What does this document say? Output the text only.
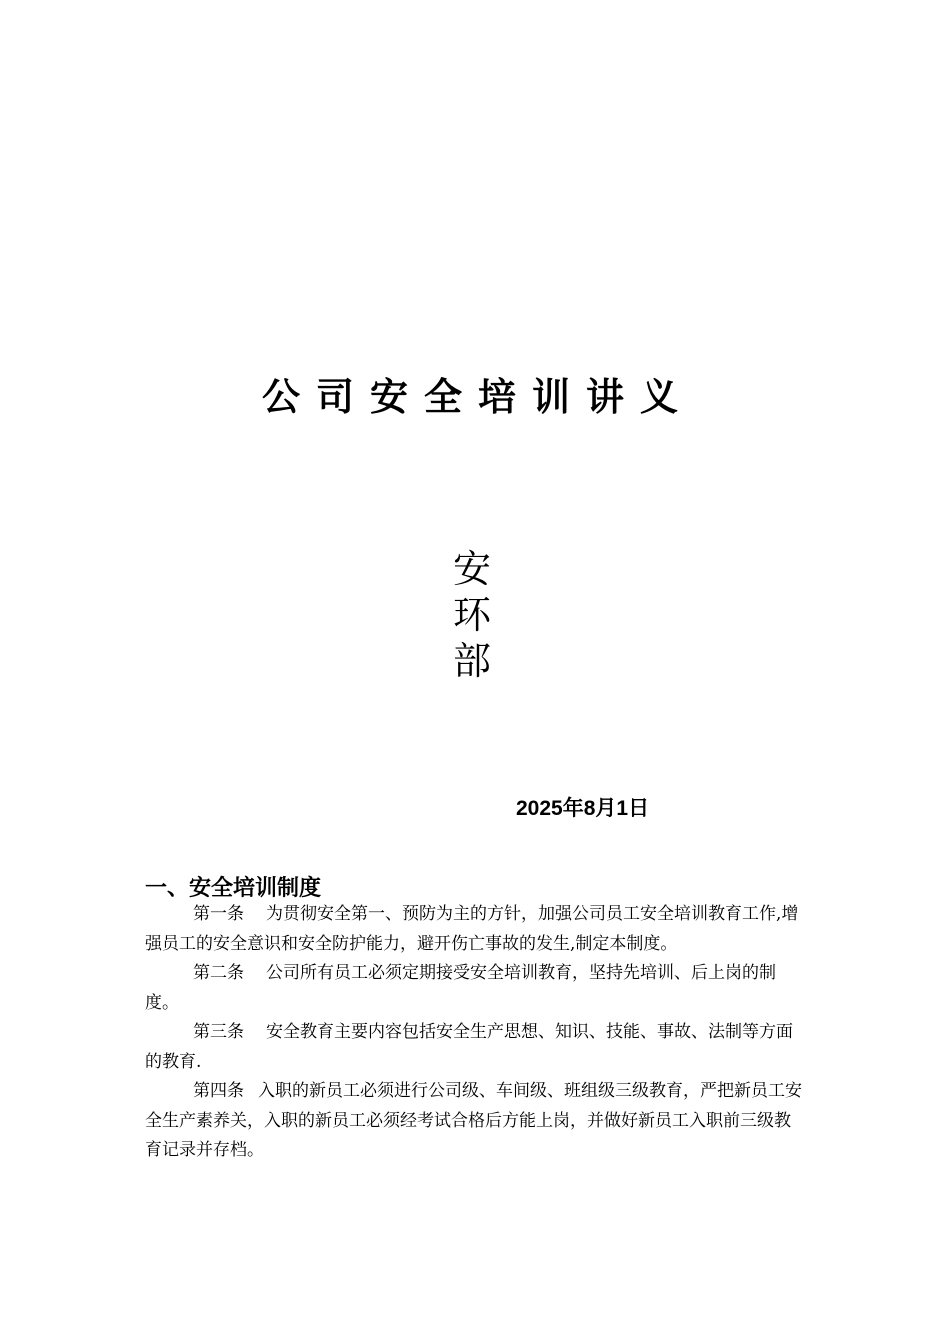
公司安全培训讲义
安
环
部
2025年8月1日
一、安全培训制度

第一条 为贯彻安全第一、预防为主的方针，加强公司员工安全培训教育工作,增强员工的安全意识和安全防护能力，避开伤亡事故的发生,制定本制度。

第二条 公司所有员工必须定期接受安全培训教育，坚持先培训、后上岗的制度。

第三条 安全教育主要内容包括安全生产思想、知识、技能、事故、法制等方面的教育.

第四条 入职的新员工必须进行公司级、车间级、班组级三级教育，严把新员工安全生产素养关，入职的新员工必须经考试合格后方能上岗，并做好新员工入职前三级教育记录并存档。
